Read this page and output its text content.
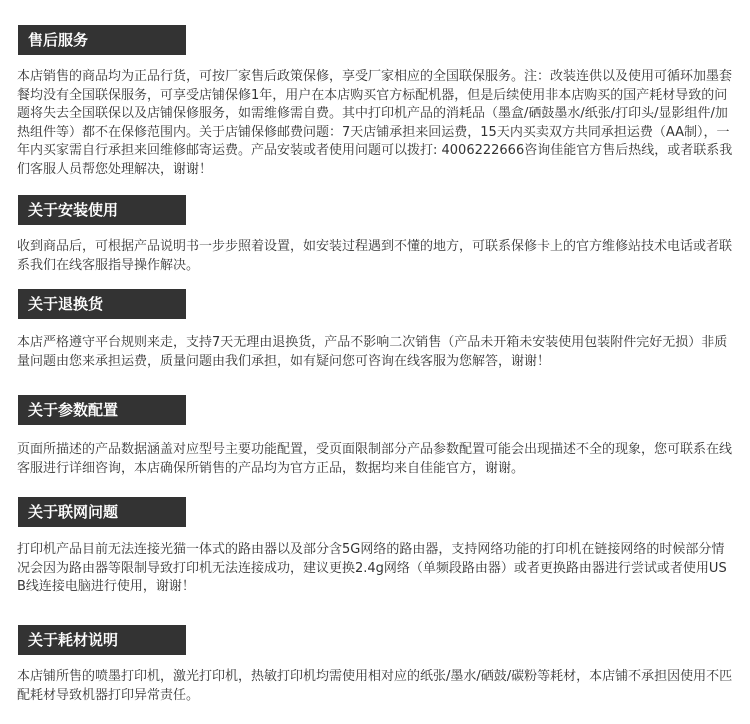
售后服务

本店销售的商品均为正品行货，可按厂家售后政策保修，享受厂家相应的全国联保服务。注：改装连供以及使用可循环加墨套餐均没有全国联保服务，可享受店铺保修1年，用户在本店购买官方标配机器，但是后续使用非本店购买的国产耗材导致的问题将失去全国联保以及店铺保修服务，如需维修需自费。其中打印机产品的消耗品（墨盒/硒鼓墨水/纸张/打印头/显影组件/加热组件等）都不在保修范围内。关于店铺保修邮费问题：7天店铺承担来回运费，15天内买卖双方共同承担运费（AA制），一年内买家需自行承担来回维修邮寄运费。产品安装或者使用问题可以拨打: 4006222666咨询佳能官方售后热线，或者联系我们客服人员帮您处理解决，谢谢！

关于安装使用

收到商品后，可根据产品说明书一步步照着设置，如安装过程遇到不懂的地方，可联系保修卡上的官方维修站技术电话或者联系我们在线客服指导操作解决。

关于退换货

本店严格遵守平台规则来走，支持7天无理由退换货，产品不影响二次销售（产品未开箱未安装使用包装附件完好无损）非质量问题由您来承担运费，质量问题由我们承担，如有疑问您可咨询在线客服为您解答，谢谢！

关于参数配置

页面所描述的产品数据涵盖对应型号主要功能配置，受页面限制部分产品参数配置可能会出现描述不全的现象，您可联系在线客服进行详细咨询，本店确保所销售的产品均为官方正品，数据均来自佳能官方，谢谢。

关于联网问题

打印机产品目前无法连接光猫一体式的路由器以及部分含5G网络的路由器，支持网络功能的打印机在链接网络的时候部分情况会因为路由器等限制导致打印机无法连接成功，建议更换2.4g网络（单频段路由器）或者更换路由器进行尝试或者使用USB线连接电脑进行使用，谢谢！

关于耗材说明

本店铺所售的喷墨打印机，激光打印机，热敏打印机均需使用相对应的纸张/墨水/硒鼓/碳粉等耗材，本店铺不承担因使用不匹配耗材导致机器打印异常责任。
